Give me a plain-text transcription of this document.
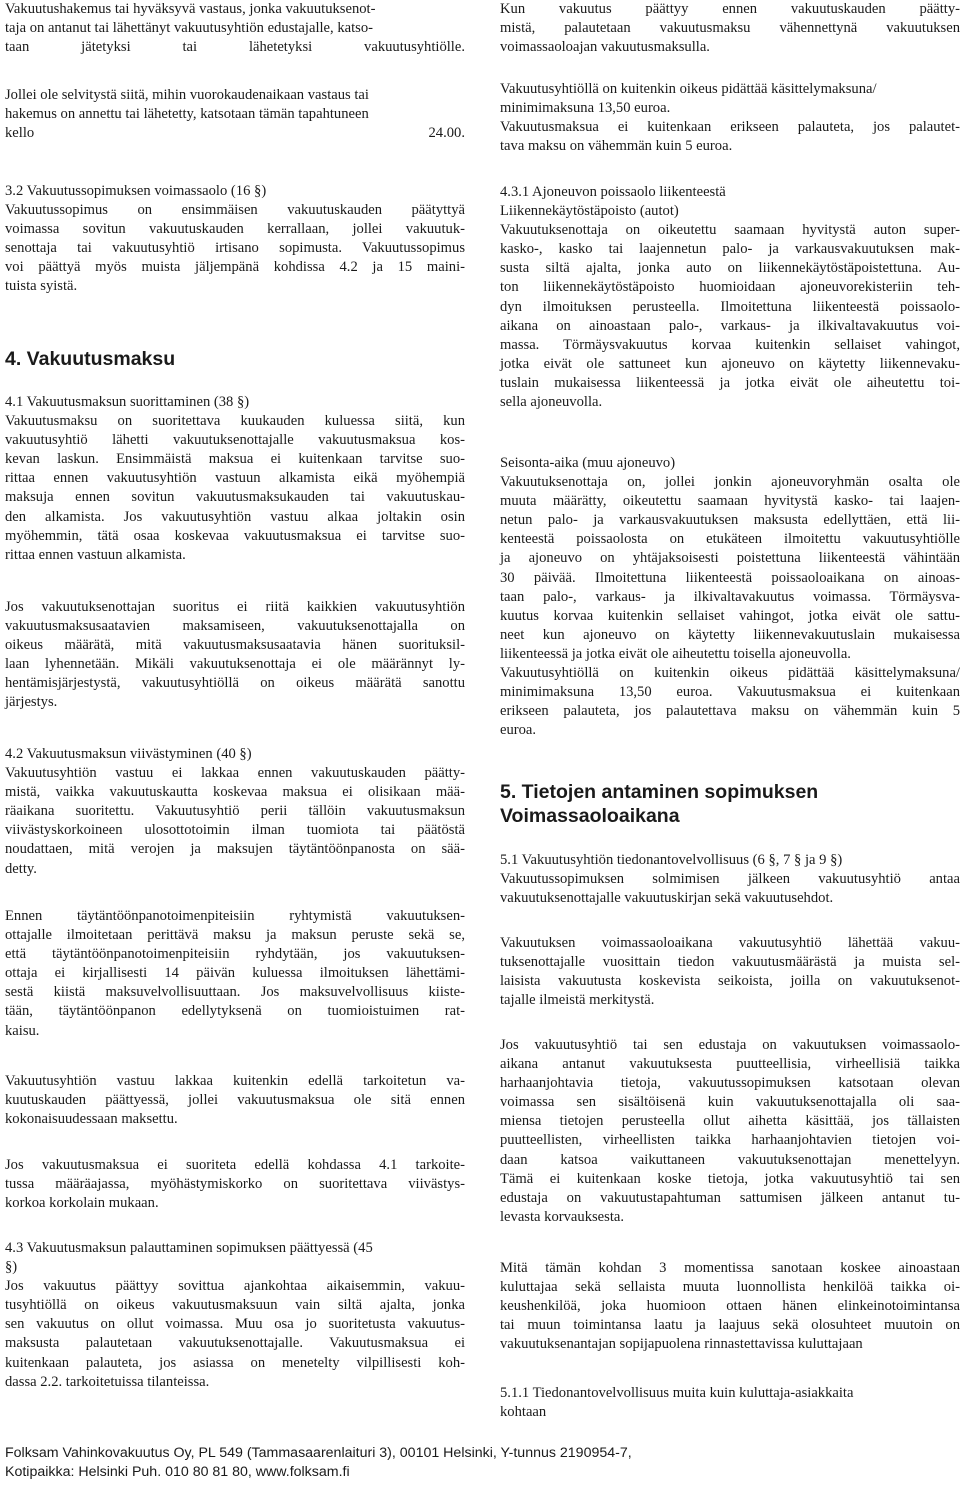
Vakuutushakemus tai hyväksyvä vastaus, jonka vakuutuksenot-
taja on antanut tai lähettänyt vakuutusyhtiön edustajalle, katso-
taan jätetyksi tai lähetetyksi vakuutusyhtiölle.
Jollei ole selvitystä siitä, mihin vuorokaudenaikaan vastaus tai
hakemus on annettu tai lähetetty, katsotaan tämän tapahtuneen
kello 24.00.
3.2 Vakuutussopimuksen voimassaolo (16 §)
Vakuutussopimus on ensimmäisen vakuutuskauden päätyttyä
voimassa sovitun vakuutuskauden kerrallaan, jollei vakuutuk-
senottaja tai vakuutusyhtiö irtisano sopimusta. Vakuutussopimus
voi päättyä myös muista jäljempänä kohdissa 4.2 ja 15 maini-
tuista syistä.
4. Vakuutusmaksu
4.1 Vakuutusmaksun suorittaminen (38 §)
Vakuutusmaksu on suoritettava kuukauden kuluessa siitä, kun
vakuutusyhtiö lähetti vakuutuksenottajalle vakuutusmaksua kos-
kevan laskun. Ensimmäistä maksua ei kuitenkaan tarvitse suo-
rittaa ennen vakuutusyhtiön vastuun alkamista eikä myöhempiä
maksuja ennen sovitun vakuutusmaksukauden tai vakuutuskau-
den alkamista. Jos vakuutusyhtiön vastuu alkaa joltakin osin
myöhemmin, tätä osaa koskevaa vakuutusmaksua ei tarvitse suo-
rittaa ennen vastuun alkamista.
Jos vakuutuksenottajan suoritus ei riitä kaikkien vakuutusyhtiön
vakuutusmaksusaatavien maksamiseen, vakuutuksenottajalla on
oikeus määrätä, mitä vakuutusmaksusaatavia hänen suorituksil-
laan lyhennetään. Mikäli vakuutuksenottaja ei ole määrännyt ly-
hentämisjärjestystä, vakuutusyhtiöllä on oikeus määrätä sanottu
järjestys.
4.2 Vakuutusmaksun viivästyminen (40 §)
Vakuutusyhtiön vastuu ei lakkaa ennen vakuutuskauden päätty-
mistä, vaikka vakuutuskautta koskevaa maksua ei olisikaan mää-
räaikana suoritettu. Vakuutusyhtiö perii tällöin vakuutusmaksun
viivästyskorkoineen ulosottotoimin ilman tuomiota tai päätöstä
noudattaen, mitä verojen ja maksujen täytäntöönpanosta on sää-
detty.
Ennen täytäntöönpanotoimenpiteisiin ryhtymistä vakuutuksen-
ottajalle ilmoitetaan perittävä maksu ja maksun peruste sekä se,
että täytäntöönpanotoimenpiteisiin ryhdytään, jos vakuutuksen-
ottaja ei kirjallisesti 14 päivän kuluessa ilmoituksen lähettämi-
sestä kiistä maksuvelvollisuuttaan. Jos maksuvelvollisuus kiiste-
tään, täytäntöönpanon edellytyksenä on tuomioistuimen rat-
kaisu.
Vakuutusyhtiön vastuu lakkaa kuitenkin edellä tarkoitetun va-
kuutuskauden päättyessä, jollei vakuutusmaksua ole sitä ennen
kokonaisuudessaan maksettu.
Jos vakuutusmaksua ei suoriteta edellä kohdassa 4.1 tarkoite-
tussa määräajassa, myöhästymiskorko on suoritettava viivästys-
korkoa korkolain mukaan.
4.3 Vakuutusmaksun palauttaminen sopimuksen päättyessä (45
§)
Jos vakuutus päättyy sovittua ajankohtaa aikaisemmin, vakuu-
tusyhtiöllä on oikeus vakuutusmaksuun vain siltä ajalta, jonka
sen vakuutus on ollut voimassa. Muu osa jo suoritetusta vakuutus-
maksusta palautetaan vakuutuksenottajalle. Vakuutusmaksua ei
kuitenkaan palauteta, jos asiassa on menetelty vilpillisesti koh-
dassa 2.2. tarkoitetuissa tilanteissa.
Kun vakuutus päättyy ennen vakuutuskauden päätty-
mistä, palautetaan vakuutusmaksu vähennettynä vakuutuksen
voimassaoloajan vakuutusmaksulla.
Vakuutusyhtiöllä on kuitenkin oikeus pidättää käsittelymaksuna/
minimimaksuna 13,50 euroa.
Vakuutusmaksua ei kuitenkaan erikseen palauteta, jos palautet-
tava maksu on vähemmän kuin 5 euroa.
4.3.1 Ajoneuvon poissaolo liikenteestä
Liikennekäytöstäpoisto (autot)
Vakuutuksenottaja on oikeutettu saamaan hyvitystä auton super-
kasko-, kasko tai laajennetun palo- ja varkausvakuutuksen mak-
susta siltä ajalta, jonka auto on liikennekäytöstäpoistettuna. Au-
ton liikennekäytöstäpoisto huomioidaan ajoneuvorekisteriin teh-
dyn ilmoituksen perusteella. Ilmoitettuna liikenteestä poissaolo-
aikana on ainoastaan palo-, varkaus- ja ilkivaltavakuutus voi-
massa. Törmäysvakuutus korvaa kuitenkin sellaiset vahingot,
jotka eivät ole sattuneet kun ajoneuvo on käytetty liikennevaku-
tuslain mukaisessa liikenteessä ja jotka eivät ole aiheutettu toi-
sella ajoneuvolla.
Seisonta-aika (muu ajoneuvo)
Vakuutuksenottaja on, jollei jonkin ajoneuvoryhmän osalta ole
muuta määrätty, oikeutettu saamaan hyvitystä kasko- tai laajen-
netun palo- ja varkausvakuutuksen maksusta edellyttäen, että lii-
kenteestä poissaolosta on etukäteen ilmoitettu vakuutusyhtiölle
ja ajoneuvo on yhtäjaksoisesti poistettuna liikenteestä vähintään
30 päivää. Ilmoitettuna liikenteestä poissaoloaikana on ainoas-
taan palo-, varkaus- ja ilkivaltavakuutus voimassa. Törmäysva-
kuutus korvaa kuitenkin sellaiset vahingot, jotka eivät ole sattu-
neet kun ajoneuvo on käytetty liikennevakuutuslain mukaisessa
liikenteessä ja jotka eivät ole aiheutettu toisella ajoneuvolla.
Vakuutusyhtiöllä on kuitenkin oikeus pidättää käsittelymaksuna/
minimimaksuna 13,50 euroa. Vakuutusmaksua ei kuitenkaan
erikseen palauteta, jos palautettava maksu on vähemmän kuin 5
euroa.
5. Tietojen antaminen sopimuksen
Voimassaoloaikana
5.1 Vakuutusyhtiön tiedonantovelvollisuus (6 §, 7 § ja 9 §)
Vakuutussopimuksen solmimisen jälkeen vakuutusyhtiö antaa
vakuutuksenottajalle vakuutuskirjan sekä vakuutusehdot.
Vakuutuksen voimassaoloaikana vakuutusyhtiö lähettää vakuu-
tuksenottajalle vuosittain tiedon vakuutusmäärästä ja muista sel-
laisista vakuutusta koskevista seikoista, joilla on vakuutuksenot-
tajalle ilmeistä merkitystä.
Jos vakuutusyhtiö tai sen edustaja on vakuutuksen voimassaolo-
aikana antanut vakuutuksesta puutteellisia, virheellisiä taikka
harhaanjohtavia tietoja, vakuutussopimuksen katsotaan olevan
voimassa sen sisältöisenä kuin vakuutuksenottajalla oli saa-
miensa tietojen perusteella ollut aihetta käsittää, jos tällaisten
puutteellisten, virheellisten taikka harhaanjohtavien tietojen voi-
daan katsoa vaikuttaneen vakuutuksenottajan menettelyyn.
Tämä ei kuitenkaan koske tietoja, jotka vakuutusyhtiö tai sen
edustaja on vakuutustapahtuman sattumisen jälkeen antanut tu-
levasta korvauksesta.
Mitä tämän kohdan 3 momentissa sanotaan koskee ainoastaan
kuluttajaa sekä sellaista muuta luonnollista henkilöä taikka oi-
keushenkilöä, joka huomioon ottaen hänen elinkeinotoimintansa
tai muun toimintansa laatu ja laajuus sekä olosuhteet muutoin on
vakuutuksenantajan sopijapuolena rinnastettavissa kuluttajaan
5.1.1 Tiedonantovelvollisuus muita kuin kuluttaja-asiakkaita
kohtaan
Folksam Vahinkovakuutus Oy, PL 549 (Tammasaarenlaituri 3), 00101 Helsinki, Y-tunnus 2190954-7,
Kotipaikka: Helsinki Puh. 010 80 81 80, www.folksam.fi
